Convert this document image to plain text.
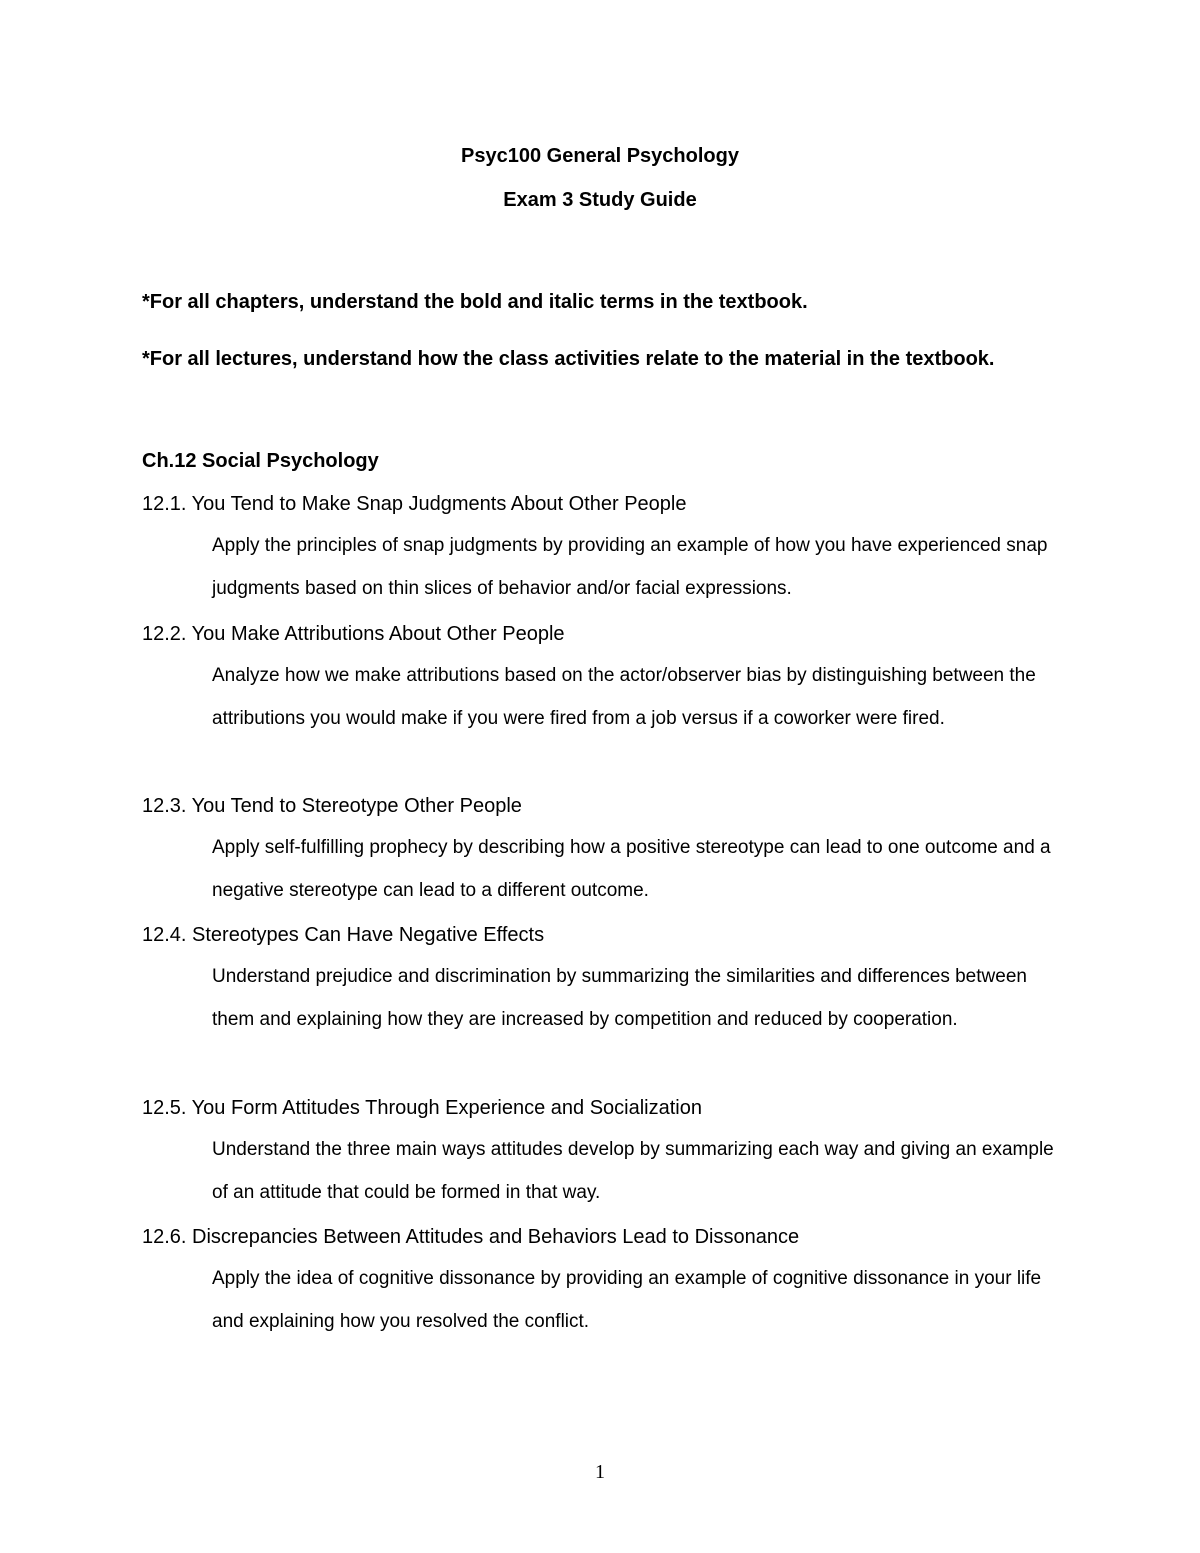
Psyc100 General Psychology

Exam 3 Study Guide

*For all chapters, understand the bold and italic terms in the textbook.

*For all lectures, understand how the class activities relate to the material in the textbook.

Ch.12 Social Psychology

12.1. You Tend to Make Snap Judgments About Other People

Apply the principles of snap judgments by providing an example of how you have experienced snap judgments based on thin slices of behavior and/or facial expressions.

12.2. You Make Attributions About Other People

Analyze how we make attributions based on the actor/observer bias by distinguishing between the attributions you would make if you were fired from a job versus if a coworker were fired.

12.3. You Tend to Stereotype Other People

Apply self-fulfilling prophecy by describing how a positive stereotype can lead to one outcome and a negative stereotype can lead to a different outcome.

12.4. Stereotypes Can Have Negative Effects

Understand prejudice and discrimination by summarizing the similarities and differences between them and explaining how they are increased by competition and reduced by cooperation.

12.5. You Form Attitudes Through Experience and Socialization

Understand the three main ways attitudes develop by summarizing each way and giving an example of an attitude that could be formed in that way.

12.6. Discrepancies Between Attitudes and Behaviors Lead to Dissonance

Apply the idea of cognitive dissonance by providing an example of cognitive dissonance in your life and explaining how you resolved the conflict.

1
